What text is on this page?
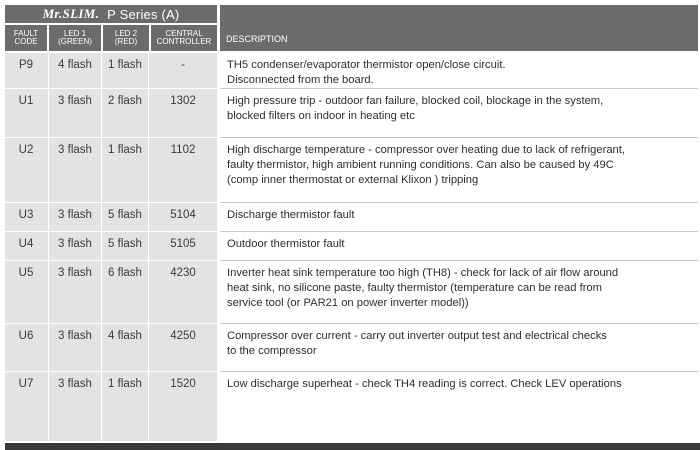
Mr.SLIM. P Series (A)
FAULT
CODE
LED 1
(GREEN)
LED 2
(RED)
CENTRAL
CONTROLLER	DESCRIPTION
P9	4 flash	1 flash	-	TH5 condenser/evaporator thermistor open/close circuit.
Disconnected from the board.
U1	3 flash	2 flash	1302	High pressure trip - outdoor fan failure, blocked coil, blockage in the system,
blocked filters on indoor in heating etc
U2	3 flash	1 flash	1102	High discharge temperature - compressor over heating due to lack of refrigerant,
faulty thermistor, high ambient running conditions. Can also be caused by 49C
(comp inner thermostat or external Klixon ) tripping
U3	3 flash	5 flash	5104	Discharge thermistor fault
U4	3 flash	5 flash	5105	Outdoor thermistor fault
U5	3 flash	6 flash	4230	Inverter heat sink temperature too high (TH8) - check for lack of air flow around
heat sink, no silicone paste, faulty thermistor (temperature can be read from
service tool (or PAR21 on power inverter model))
U6	3 flash	4 flash	4250	Compressor over current - carry out inverter output test and electrical checks
to the compressor
U7	3 flash	1 flash	1520	Low discharge superheat - check TH4 reading is correct. Check LEV operations
